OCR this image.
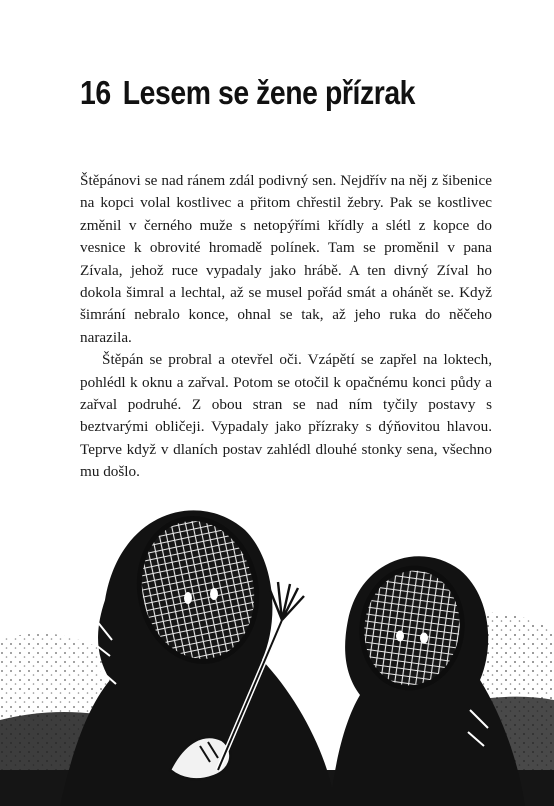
16 Lesem se žene přízrak

Štěpánovi se nad ránem zdál podivný sen. Nejdřív na něj z šibenice na kopci volal kostlivec a přitom chřestil žebry. Pak se kostlivec změnil v černého muže s netopýřími křídly a slétl z kopce do vesnice k obrovité hromadě polínek. Tam se proměnil v pana Zívala, jehož ruce vypadaly jako hrábě. A ten divný Zíval ho dokola šimral a lechtal, až se musel pořád smát a ohánět se. Když šimrání nebralo konce, ohnal se tak, až jeho ruka do něčeho narazila.

Štěpán se probral a otevřel oči. Vzápětí se zapřel na loktech, pohlédl k oknu a zařval. Potom se otočil k opačnému konci půdy a zařval podruhé. Z obou stran se nad ním tyčily postavy s beztvarými obličeji. Vypadaly jako přízraky s dýňovitou hlavou. Teprve když v dlaních postav zahlédl dlouhé stonky sena, všechno mu došlo.
